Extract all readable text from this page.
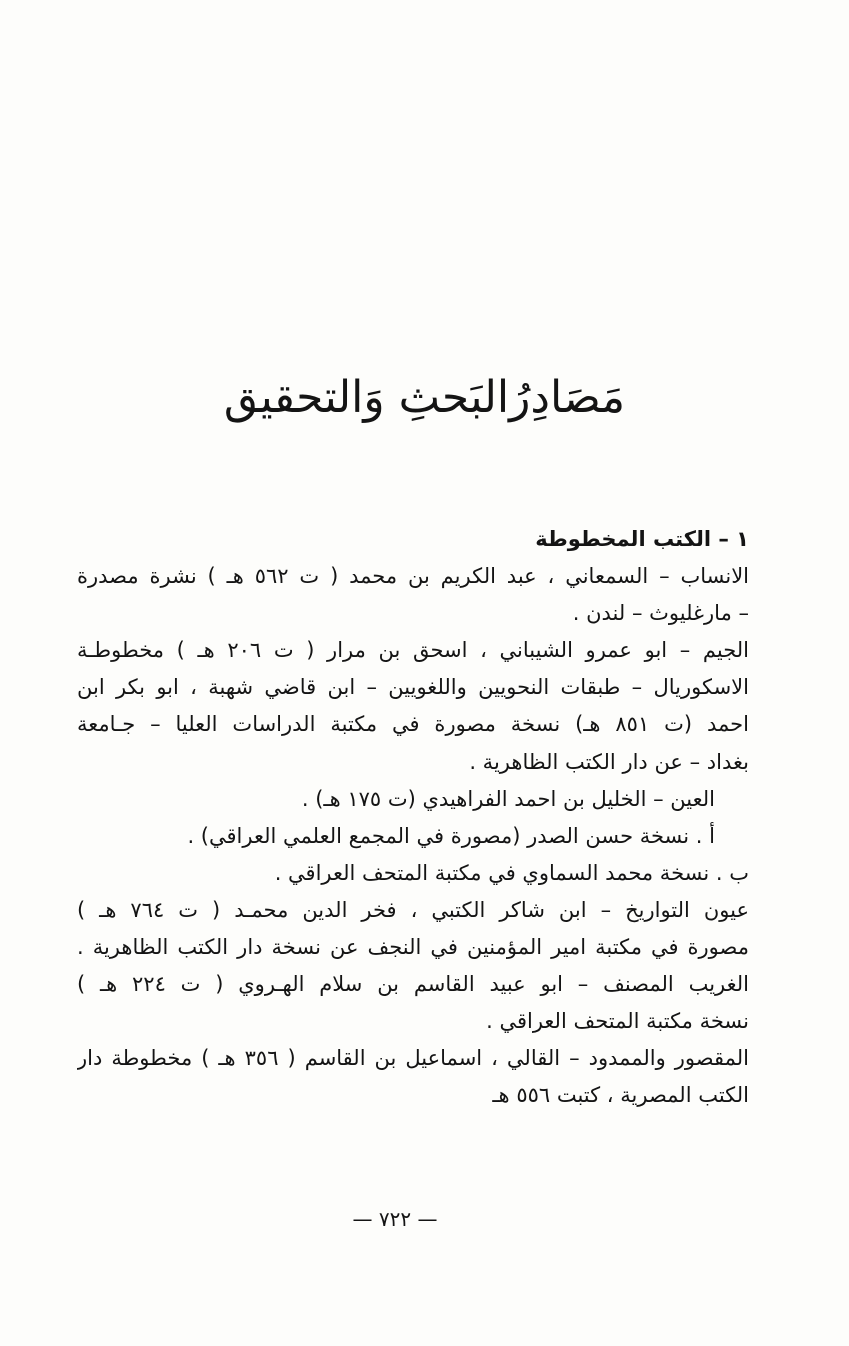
مَصَادِرُالبَحثِ وَالتحقيق
١ – الكتب المخطوطة
الانساب – السمعاني ، عبد الكريم بن محمد ( ت ٥٦٢ هـ ) نشرة مصدرة
– مارغليوث – لندن .
الجيم – ابو عمرو الشيباني ، اسحق بن مرار ( ت ٢٠٦ هـ ) مخطوطـة
الاسكوريال – طبقات النحويين واللغويين – ابن قاضي شهبة ، ابو بكر ابن
احمد (ت ٨٥١ هـ) نسخة مصورة في مكتبة الدراسات العليا – جـامعة
بغداد – عن دار الكتب الظاهرية .
العين – الخليل بن احمد الفراهيدي (ت ١٧٥ هـ) .
أ . نسخة حسن الصدر (مصورة في المجمع العلمي العراقي) .
ب . نسخة محمد السماوي في مكتبة المتحف العراقي .
عيون التواريخ – ابن شاكر الكتبي ، فخر الدين محمـد ( ت ٧٦٤ هـ )
مصورة في مكتبة امير المؤمنين في النجف عن نسخة دار الكتب الظاهرية .
الغريب المصنف – ابو عبيد القاسم بن سلام الهـروي ( ت ٢٢٤ هـ )
نسخة مكتبة المتحف العراقي .
المقصور والممدود – القالي ، اسماعيل بن القاسم ( ٣٥٦ هـ ) مخطوطة دار
الكتب المصرية ، كتبت ٥٥٦ هـ
— ٧٢٢ —
